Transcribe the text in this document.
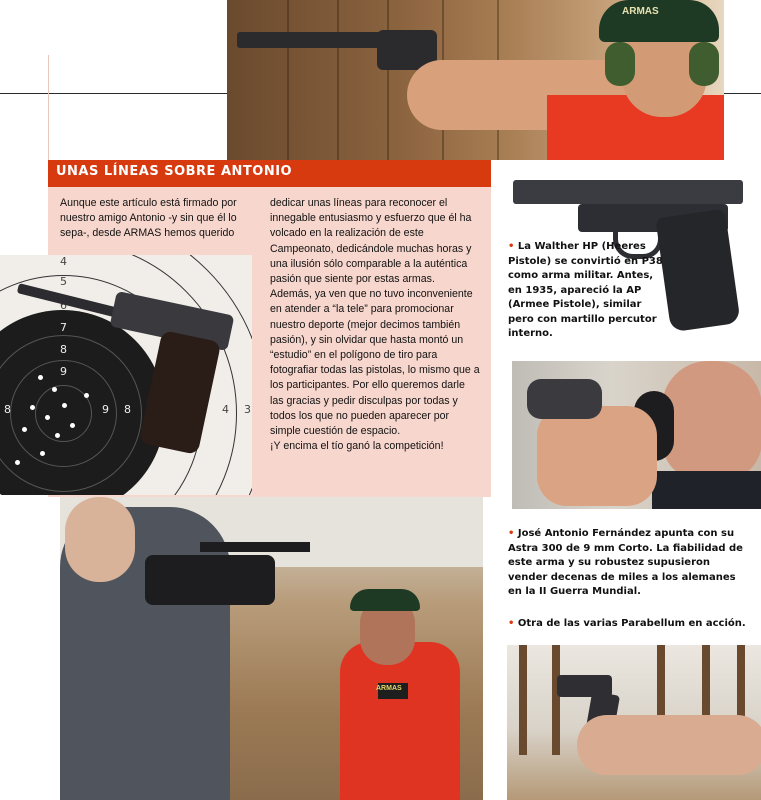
ARMAS
UNAS LÍNEAS SOBRE ANTONIO
Aunque este artículo está firmado por nuestro amigo Antonio -y sin que él lo sepa-, desde ARMAS hemos querido
dedicar unas líneas para reconocer el innegable entusiasmo y esfuerzo que él ha volcado en la realización de este Campeonato, dedicándole muchas horas y una ilusión sólo comparable a la auténtica pasión que siente por estas armas.
Además, ya ven que no tuvo inconveniente en atender a “la tele” para promocionar nuestro deporte (mejor decimos también pasión), y sin olvidar que hasta montó un “estudio” en el polígono de tiro para fotografiar todas las pistolas, lo mismo que a los participantes. Por ello queremos darle las gracias y pedir disculpas por todas y todos los que no pueden aparecer por simple cuestión de espacio.
¡Y encima el tío ganó la competición!
4
5
6
7
8
9
8	9 8	4 3
• La Walther HP (Heeres Pistole) se convirtió en P38 como arma militar. Antes, en 1935, apareció la AP (Armee Pistole), similar pero con martillo percutor interno.
• José Antonio Fernández apunta con su Astra 300 de 9 mm Corto. La fiabilidad de este arma y su robustez supusieron vender decenas de miles a los alemanes en la II Guerra Mundial.
• Otra de las varias Parabellum en acción.
ARMAS
